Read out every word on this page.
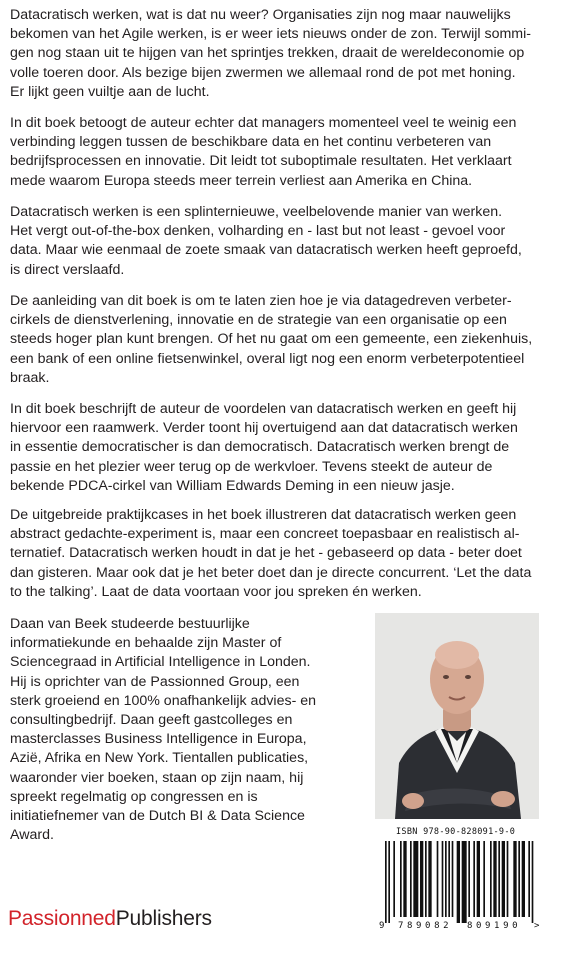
Datacratisch werken, wat is dat nu weer? Organisaties zijn nog maar nauwelijks
bekomen van het Agile werken, is er weer iets nieuws onder de zon. Terwijl sommi-
gen nog staan uit te hijgen van het sprintjes trekken, draait de wereldeconomie op
volle toeren door. Als bezige bijen zwermen we allemaal rond de pot met honing.
Er lijkt geen vuiltje aan de lucht.

In dit boek betoogt de auteur echter dat managers momenteel veel te weinig een
verbinding leggen tussen de beschikbare data en het continu verbeteren van
bedrijfsprocessen en innovatie. Dit leidt tot suboptimale resultaten. Het verklaart
mede waarom Europa steeds meer terrein verliest aan Amerika en China.

Datacratisch werken is een splinternieuwe, veelbelovende manier van werken.
Het vergt out-of-the-box denken, volharding en - last but not least - gevoel voor
data. Maar wie eenmaal de zoete smaak van datacratisch werken heeft geproefd,
is direct verslaafd.

De aanleiding van dit boek is om te laten zien hoe je via datagedreven verbeter-
cirkels de dienstverlening, innovatie en de strategie van een organisatie op een
steeds hoger plan kunt brengen. Of het nu gaat om een gemeente, een ziekenhuis,
een bank of een online fietsenwinkel, overal ligt nog een enorm verbeterpotentieel
braak.

In dit boek beschrijft de auteur de voordelen van datacratisch werken en geeft hij
hiervoor een raamwerk. Verder toont hij overtuigend aan dat datacratisch werken
in essentie democratischer is dan democratisch. Datacratisch werken brengt de
passie en het plezier weer terug op de werkvloer. Tevens steekt de auteur de
bekende PDCA-cirkel van William Edwards Deming in een nieuw jasje.

De uitgebreide praktijkcases in het boek illustreren dat datacratisch werken geen
abstract gedachte-experiment is, maar een concreet toepasbaar en realistisch al-
ternatief. Datacratisch werken houdt in dat je het - gebaseerd op data - beter doet
dan gisteren. Maar ook dat je het beter doet dan je directe concurrent. ‘Let the data
to the talking’. Laat de data voortaan voor jou spreken én werken.

Daan van Beek studeerde bestuurlijke
informatiekunde en behaalde zijn Master of
Sciencegraad in Artificial Intelligence in Londen.
Hij is oprichter van de Passionned Group, een
sterk groeiend en 100% onafhankelijk advies- en
consultingbedrijf. Daan geeft gastcolleges en
masterclasses Business Intelligence in Europa,
Azië, Afrika en New York. Tientallen publicaties,
waaronder vier boeken, staan op zijn naam, hij
spreekt regelmatig op congressen en is
initiatiefnemer van de Dutch BI & Data Science
Award.	ISBN 978-90-828091-9-0
9 789082 809190 >
PassionnedPublishers
